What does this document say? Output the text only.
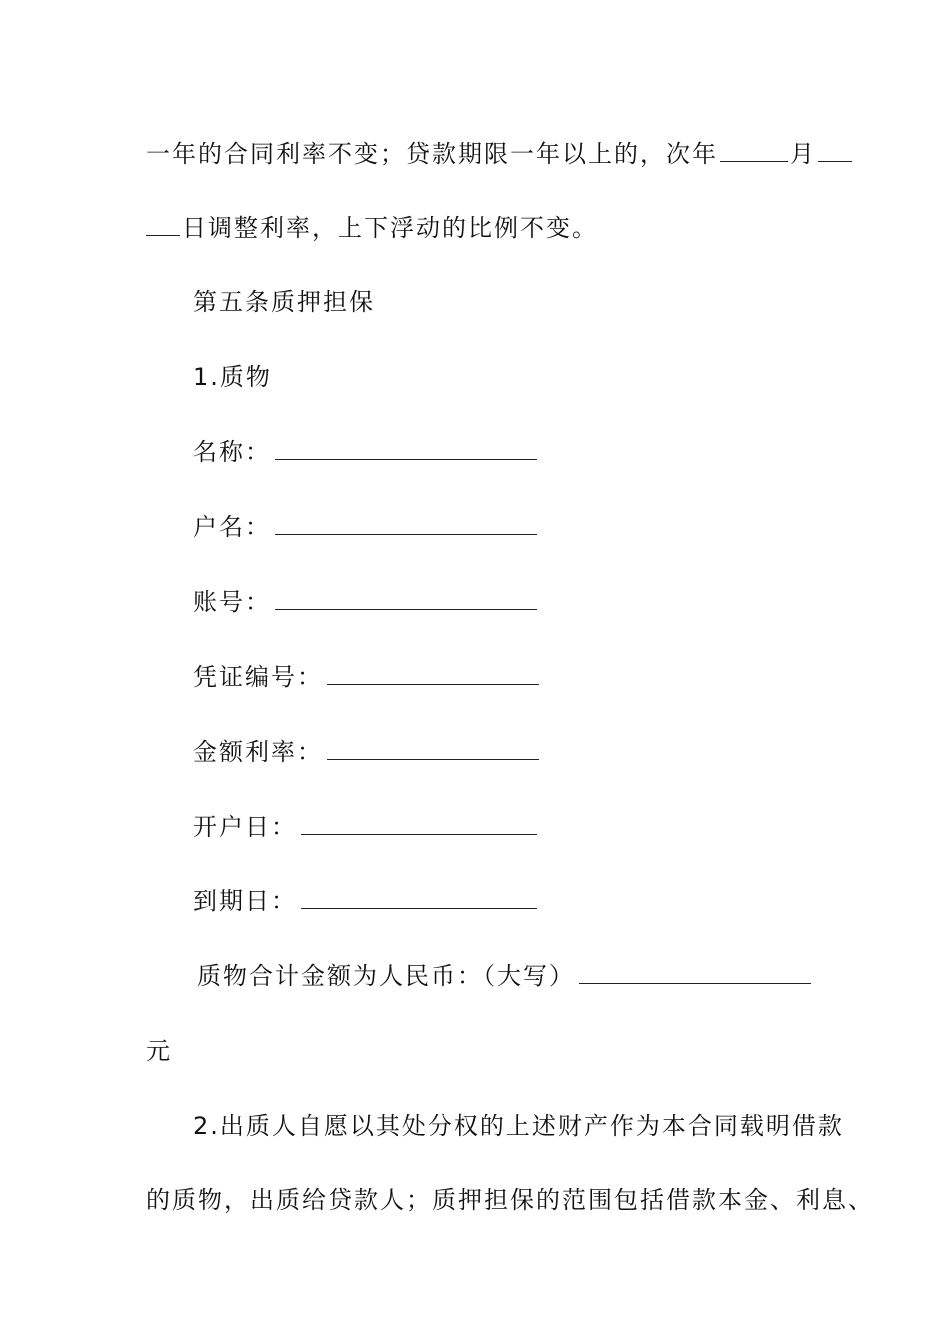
一年的合同利率不变；贷款期限一年以上的，次年	月
日调整利率，上下浮动的比例不变。
第五条质押担保
1.质物
名称：
户名：
账号：
凭证编号：
金额利率：
开户日：
到期日：
质物合计金额为人民币：（大写）
元
2.出质人自愿以其处分权的上述财产作为本合同载明借款
的质物，出质给贷款人；质押担保的范围包括借款本金、利息、
